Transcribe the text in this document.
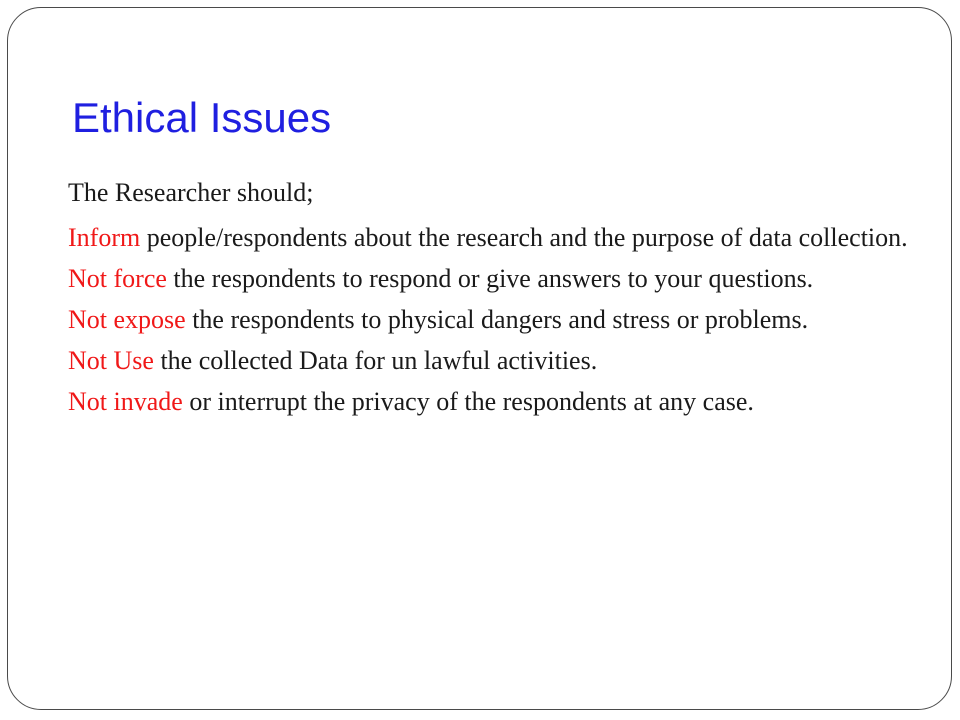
Ethical Issues

The Researcher should;

Inform people/respondents about the research and the purpose of data collection.

Not force the respondents to respond or give answers to your questions.

Not expose the respondents to physical dangers and stress or problems.

Not Use the collected Data for un lawful activities.

Not invade or interrupt the privacy of the respondents at any case.
